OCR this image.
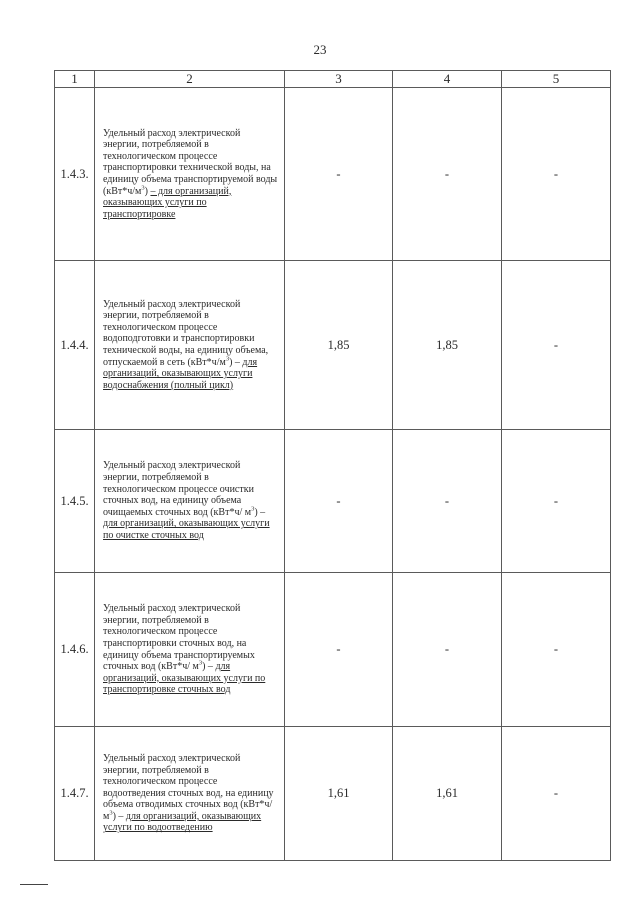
23
1	2	3	4	5
1.4.3.	Удельный расход электрической энергии, потребляемой в технологическом процессе транспортировки технической воды, на единицу объема транспортируемой воды $(кВт*ч/м^3)$ – для организаций, оказывающих услуги по транспортировке	-	-	-
1.4.4.	Удельный расход электрической энергии, потребляемой в технологическом процессе водоподготовки и транспортировки технической воды, на единицу объема, отпускаемой в сеть $(кВт*ч/м^3)$ – для организаций, оказывающих услуги водоснабжения (полный цикл)	1,85	1,85	-
1.4.5.	Удельный расход электрической энергии, потребляемой в технологическом процессе очистки сточных вод, на единицу объема очищаемых сточных вод (кВт*ч/ $м^3$) – для организаций, оказывающих услуги по очистке сточных вод	-	-	-
1.4.6.	Удельный расход электрической энергии, потребляемой в технологическом процессе транспортировки сточных вод, на единицу объема транспортируемых сточных вод (кВт*ч/ $м^3$) – для организаций, оказывающих услуги по транспортировке сточных вод	-	-	-
1.4.7.	Удельный расход электрической энергии, потребляемой в технологическом процессе водоотведения сточных вод, на единицу объема отводимых сточных вод (кВт*ч/ $м^3$) – для организаций, оказывающих услуги по водоотведению	1,61	1,61	-
